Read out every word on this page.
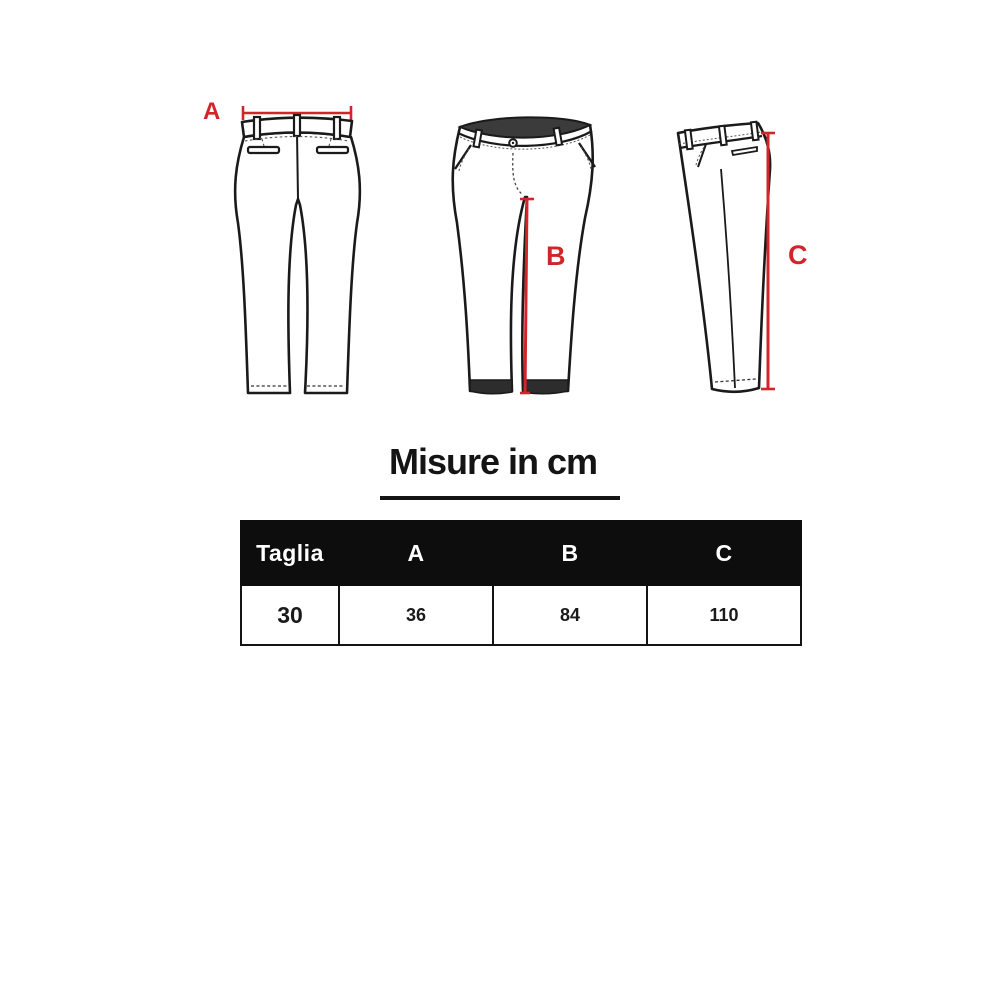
A
B	C
Misure in cm
Taglia	A	B	C
30	36	84	110
